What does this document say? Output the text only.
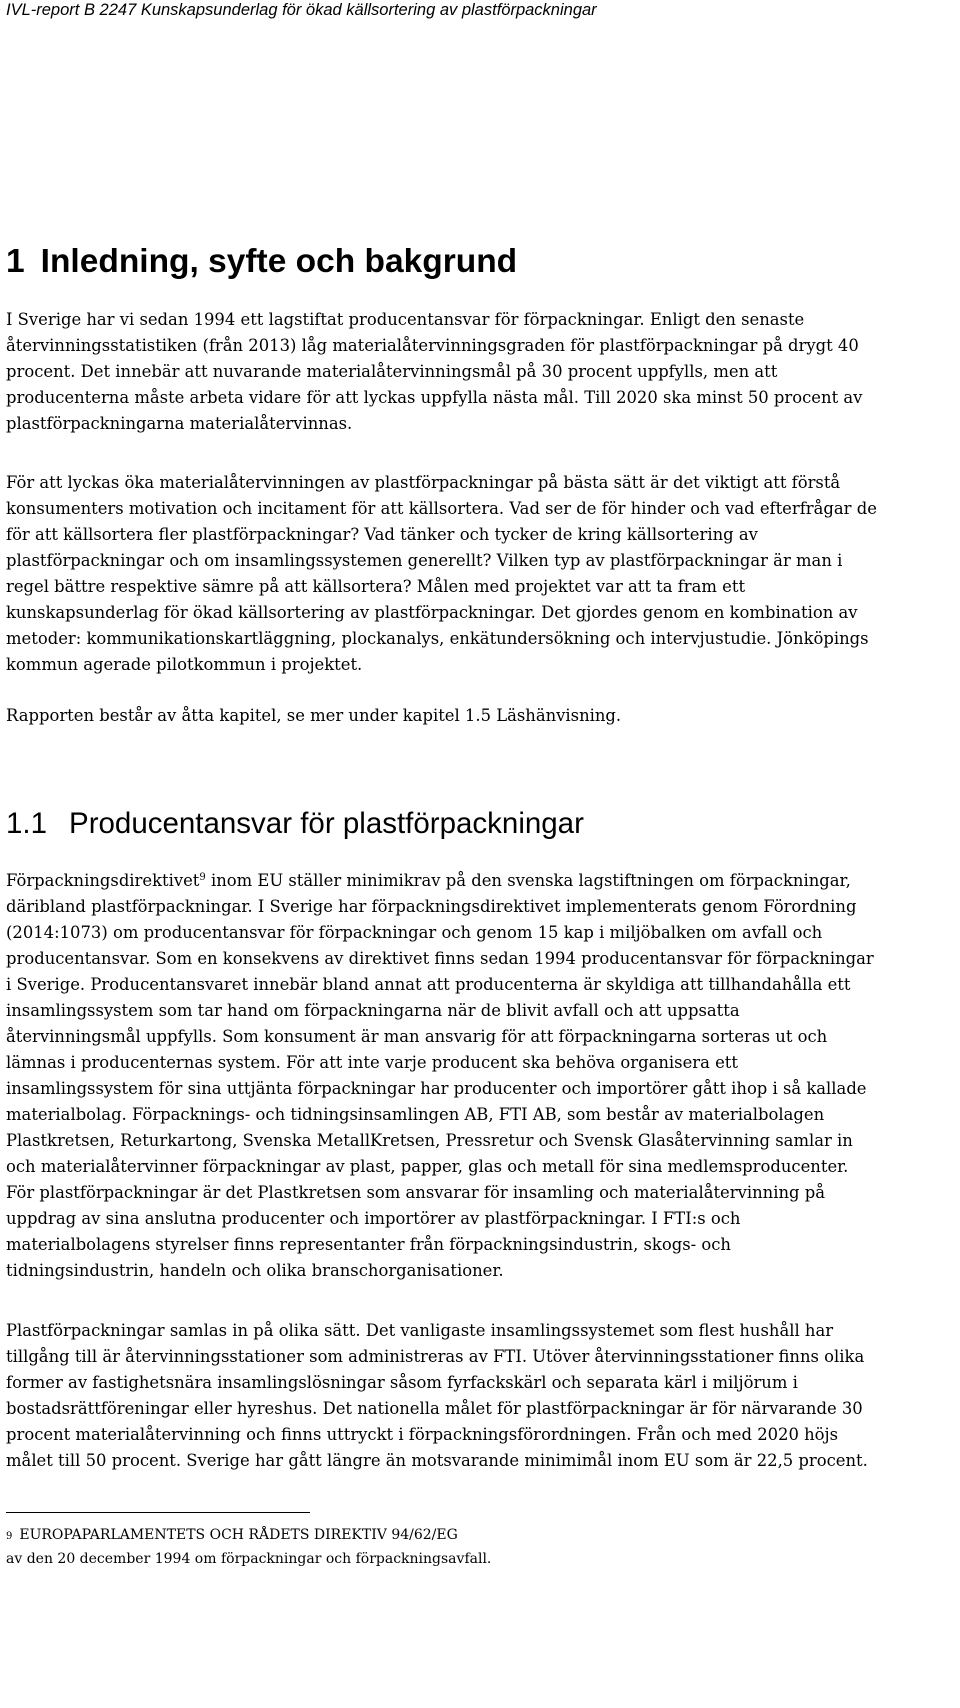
IVL-report B 2247 Kunskapsunderlag för ökad källsortering av plastförpackningar
1 Inledning, syfte och bakgrund
I Sverige har vi sedan 1994 ett lagstiftat producentansvar för förpackningar. Enligt den senaste
återvinningsstatistiken (från 2013) låg materialåtervinningsgraden för plastförpackningar på drygt 40
procent. Det innebär att nuvarande materialåtervinningsmål på 30 procent uppfylls, men att
producenterna måste arbeta vidare för att lyckas uppfylla nästa mål. Till 2020 ska minst 50 procent av
plastförpackningarna materialåtervinnas.
För att lyckas öka materialåtervinningen av plastförpackningar på bästa sätt är det viktigt att förstå
konsumenters motivation och incitament för att källsortera. Vad ser de för hinder och vad efterfrågar de
för att källsortera fler plastförpackningar? Vad tänker och tycker de kring källsortering av
plastförpackningar och om insamlingssystemen generellt? Vilken typ av plastförpackningar är man i
regel bättre respektive sämre på att källsortera? Målen med projektet var att ta fram ett
kunskapsunderlag för ökad källsortering av plastförpackningar. Det gjordes genom en kombination av
metoder: kommunikationskartläggning, plockanalys, enkätundersökning och intervjustudie. Jönköpings
kommun agerade pilotkommun i projektet.
Rapporten består av åtta kapitel, se mer under kapitel 1.5 Läshänvisning.
1.1 Producentansvar för plastförpackningar
Förpackningsdirektivet$^9$ inom EU ställer minimikrav på den svenska lagstiftningen om förpackningar,
däribland plastförpackningar. I Sverige har förpackningsdirektivet implementerats genom Förordning
(2014:1073) om producentansvar för förpackningar och genom 15 kap i miljöbalken om avfall och
producentansvar. Som en konsekvens av direktivet finns sedan 1994 producentansvar för förpackningar
i Sverige. Producentansvaret innebär bland annat att producenterna är skyldiga att tillhandahålla ett
insamlingssystem som tar hand om förpackningarna när de blivit avfall och att uppsatta
återvinningsmål uppfylls. Som konsument är man ansvarig för att förpackningarna sorteras ut och
lämnas i producenternas system. För att inte varje producent ska behöva organisera ett
insamlingssystem för sina uttjänta förpackningar har producenter och importörer gått ihop i så kallade
materialbolag. Förpacknings- och tidningsinsamlingen AB, FTI AB, som består av materialbolagen
Plastkretsen, Returkartong, Svenska MetallKretsen, Pressretur och Svensk Glasåtervinning samlar in
och materialåtervinner förpackningar av plast, papper, glas och metall för sina medlemsproducenter.
För plastförpackningar är det Plastkretsen som ansvarar för insamling och materialåtervinning på
uppdrag av sina anslutna producenter och importörer av plastförpackningar. I FTI:s och
materialbolagens styrelser finns representanter från förpackningsindustrin, skogs- och
tidningsindustrin, handeln och olika branschorganisationer.
Plastförpackningar samlas in på olika sätt. Det vanligaste insamlingssystemet som flest hushåll har
tillgång till är återvinningsstationer som administreras av FTI. Utöver återvinningsstationer finns olika
former av fastighetsnära insamlingslösningar såsom fyrfackskärl och separata kärl i miljörum i
bostadsrättföreningar eller hyreshus. Det nationella målet för plastförpackningar är för närvarande 30
procent materialåtervinning och finns uttryckt i förpackningsförordningen. Från och med 2020 höjs
målet till 50 procent. Sverige har gått längre än motsvarande minimimål inom EU som är 22,5 procent.
9 EUROPAPARLAMENTETS OCH RÅDETS DIREKTIV 94/62/EG
av den 20 december 1994 om förpackningar och förpackningsavfall.
